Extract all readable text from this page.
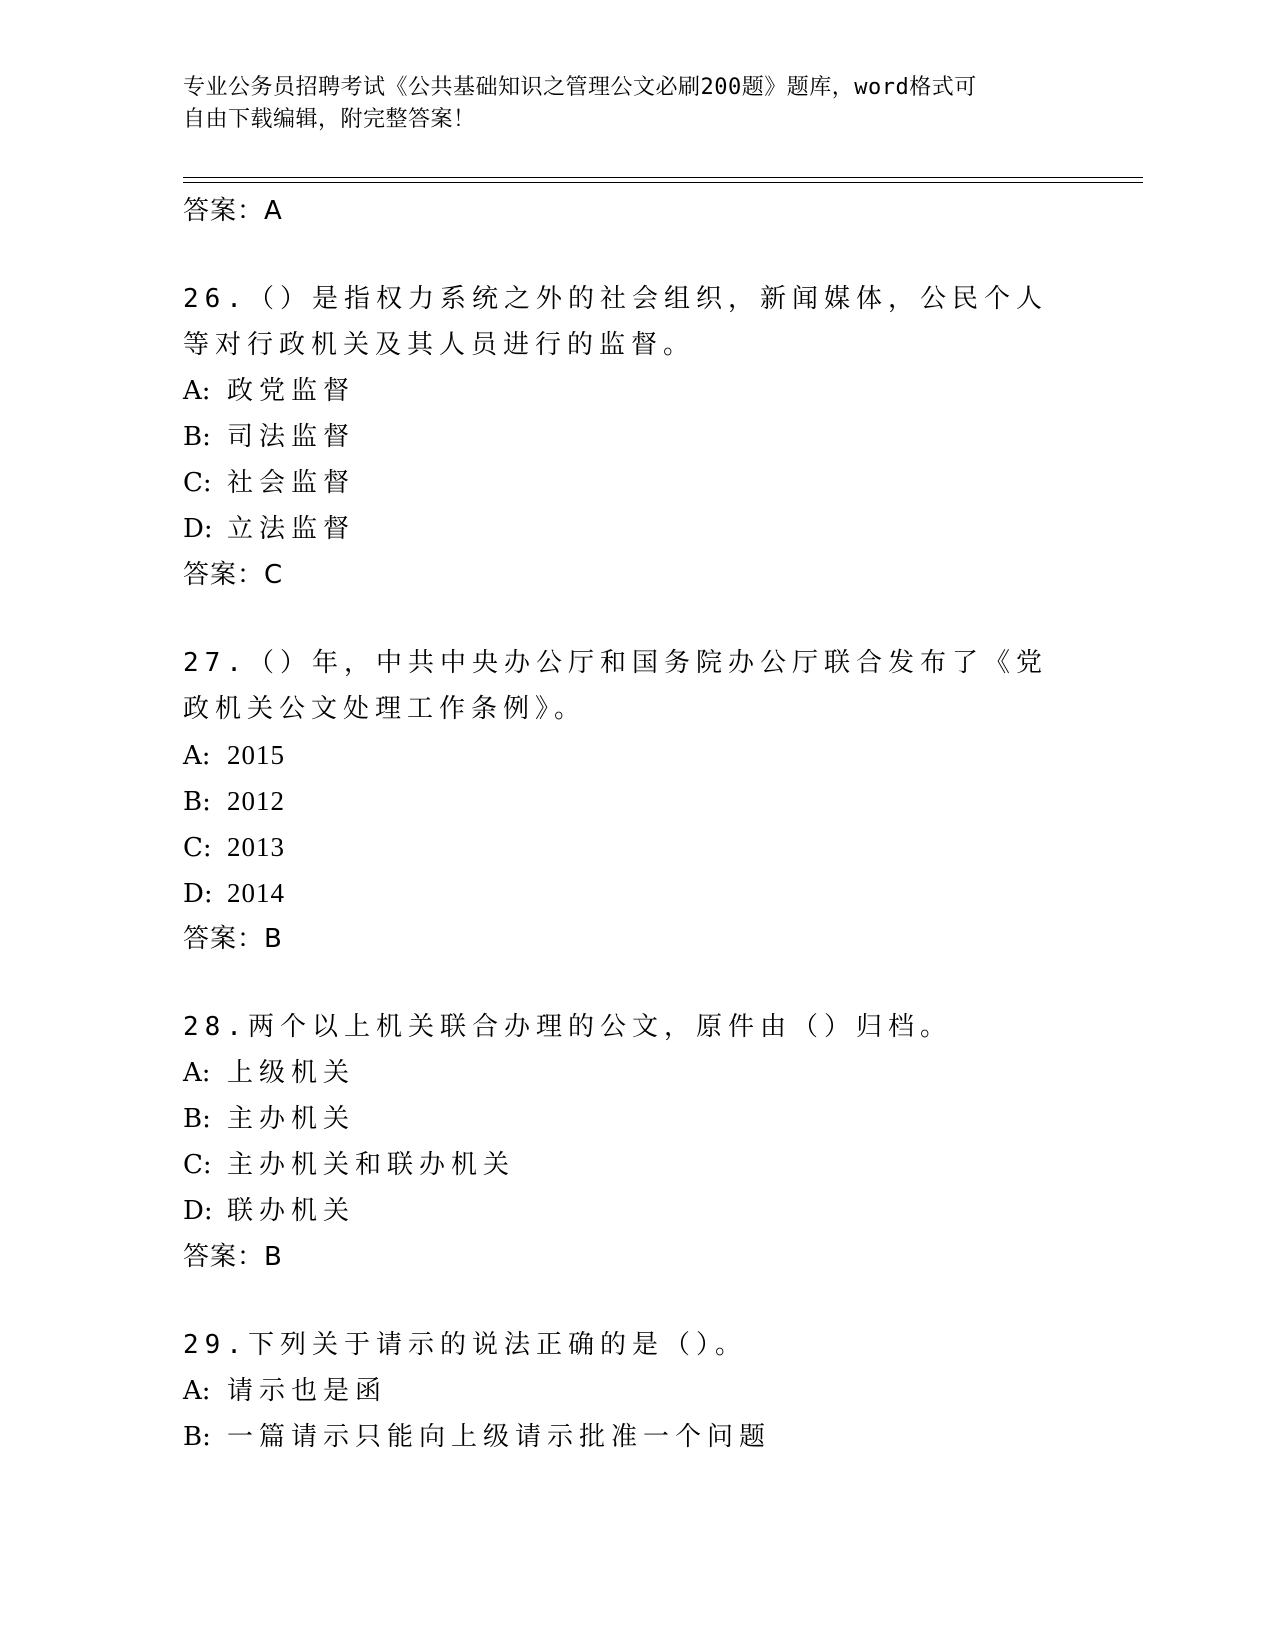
专业公务员招聘考试《公共基础知识之管理公文必刷200题》题库，word格式可
自由下载编辑，附完整答案！
答案：A
26.（）是指权力系统之外的社会组织，新闻媒体，公民个人等对行政机关及其人员进行的监督。
A: 政党监督
B: 司法监督
C: 社会监督
D: 立法监督
答案：C
27.（）年，中共中央办公厅和国务院办公厅联合发布了《党政机关公文处理工作条例》。
A: 2015
B: 2012
C: 2013
D: 2014
答案：B
28.两个以上机关联合办理的公文，原件由（）归档。
A: 上级机关
B: 主办机关
C: 主办机关和联办机关
D: 联办机关
答案：B
29.下列关于请示的说法正确的是（）。
A: 请示也是函
B: 一篇请示只能向上级请示批准一个问题
